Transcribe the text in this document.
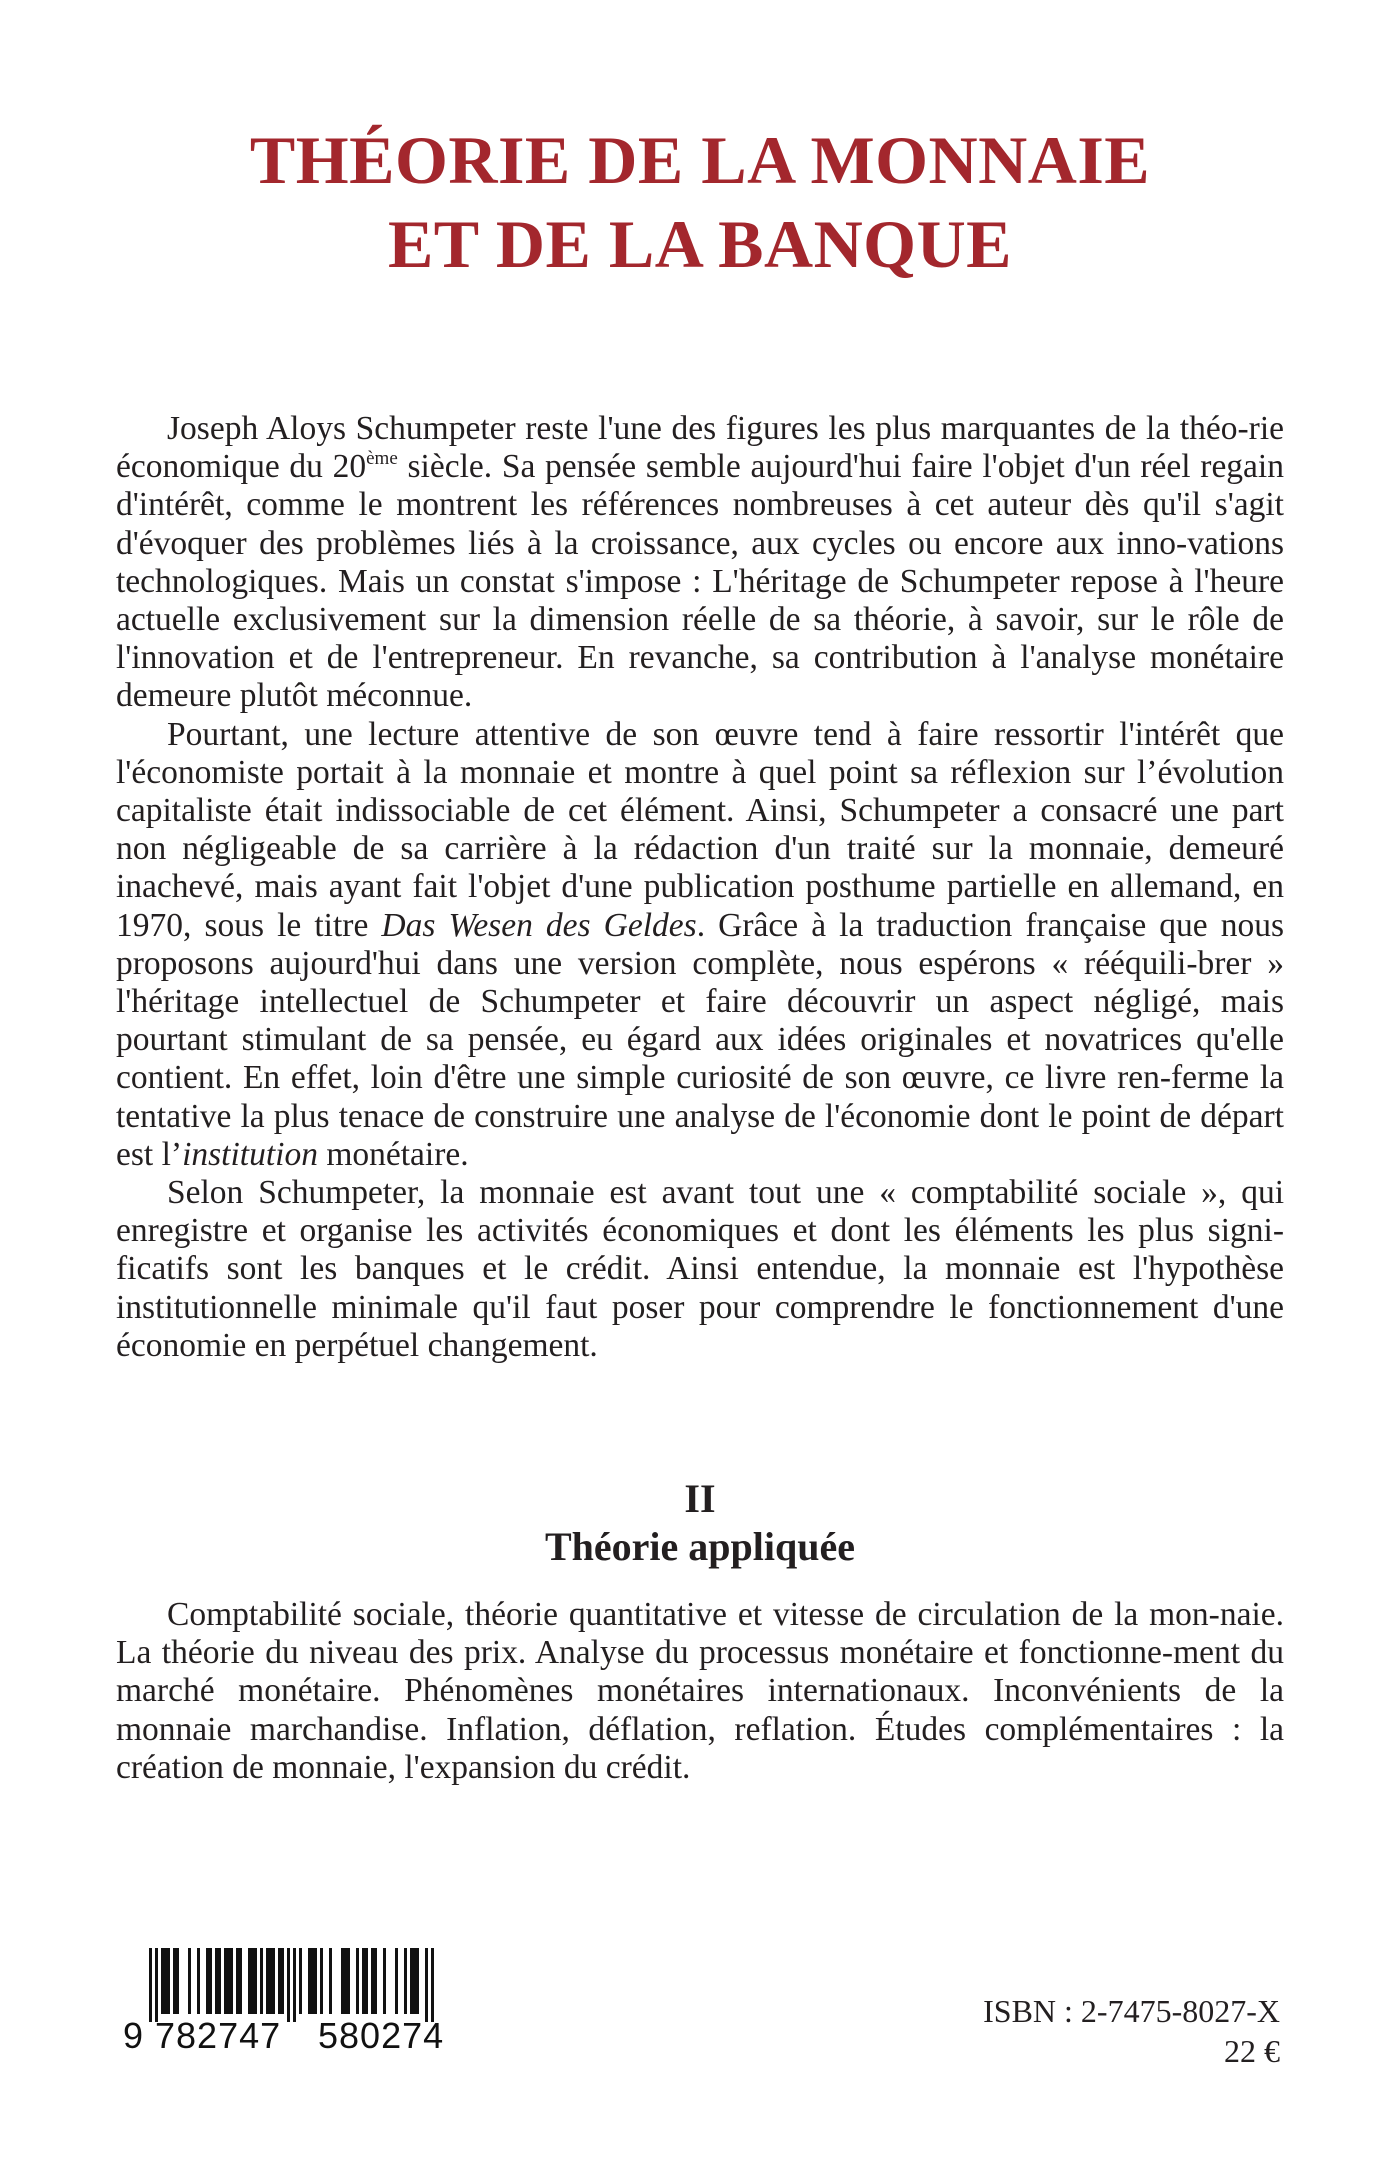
THÉORIE DE LA MONNAIE
ET DE LA BANQUE

Joseph Aloys Schumpeter reste l'une des figures les plus marquantes de la théo-rie économique du 20ème siècle. Sa pensée semble aujourd'hui faire l'objet d'un réel regain d'intérêt, comme le montrent les références nombreuses à cet auteur dès qu'il s'agit d'évoquer des problèmes liés à la croissance, aux cycles ou encore aux inno-vations technologiques. Mais un constat s'impose : L'héritage de Schumpeter repose à l'heure actuelle exclusivement sur la dimension réelle de sa théorie, à savoir, sur le rôle de l'innovation et de l'entrepreneur. En revanche, sa contribution à l'analyse monétaire demeure plutôt méconnue.

Pourtant, une lecture attentive de son œuvre tend à faire ressortir l'intérêt que l'économiste portait à la monnaie et montre à quel point sa réflexion sur l’évolution capitaliste était indissociable de cet élément. Ainsi, Schumpeter a consacré une part non négligeable de sa carrière à la rédaction d'un traité sur la monnaie, demeuré inachevé, mais ayant fait l'objet d'une publication posthume partielle en allemand, en 1970, sous le titre Das Wesen des Geldes. Grâce à la traduction française que nous proposons aujourd'hui dans une version complète, nous espérons « rééquili-brer » l'héritage intellectuel de Schumpeter et faire découvrir un aspect négligé, mais pourtant stimulant de sa pensée, eu égard aux idées originales et novatrices qu'elle contient. En effet, loin d'être une simple curiosité de son œuvre, ce livre ren-ferme la tentative la plus tenace de construire une analyse de l'économie dont le point de départ est l’institution monétaire.

Selon Schumpeter, la monnaie est avant tout une « comptabilité sociale », qui enregistre et organise les activités économiques et dont les éléments les plus signi-ficatifs sont les banques et le crédit. Ainsi entendue, la monnaie est l'hypothèse institutionnelle minimale qu'il faut poser pour comprendre le fonctionnement d'une économie en perpétuel changement.

II
Théorie appliquée

Comptabilité sociale, théorie quantitative et vitesse de circulation de la mon-naie. La théorie du niveau des prix. Analyse du processus monétaire et fonctionne-ment du marché monétaire. Phénomènes monétaires internationaux. Inconvénients de la monnaie marchandise. Inflation, déflation, reflation. Études complémentaires : la création de monnaie, l'expansion du crédit.

9 782747 580274
ISBN : 2-7475-8027-X
22 €
